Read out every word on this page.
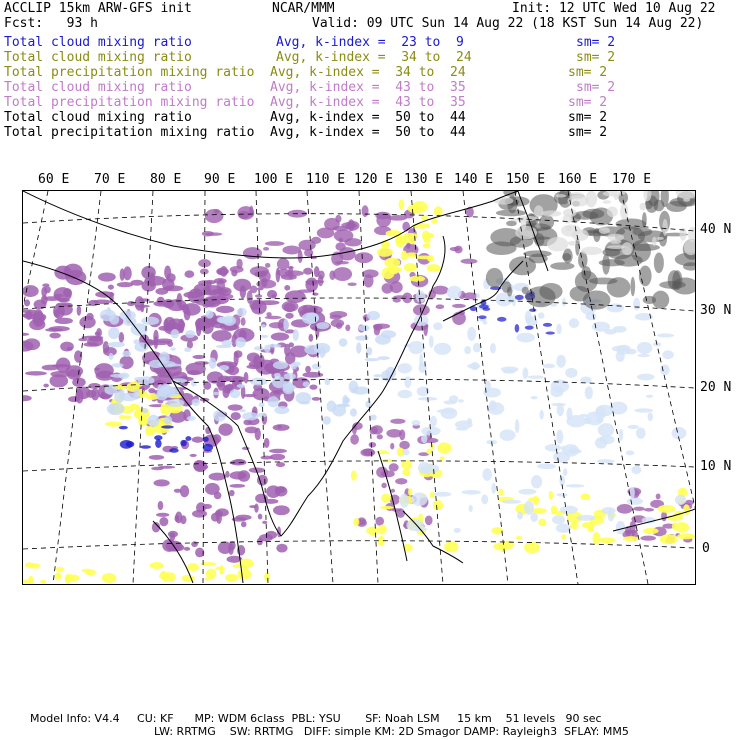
ACCLIP 15km ARW-GFS init	NCAR/MMM	Init: 12 UTC Wed 10 Aug 22
Fcst:   93 h	Valid: 09 UTC Sun 14 Aug 22 (18 KST Sun 14 Aug 22)
Total cloud mixing ratio	Avg, k-index =  23 to  9	sm= 2
Total cloud mixing ratio	Avg, k-index =  34 to  24	sm= 2
Total precipitation mixing ratio Avg, k-index =  34 to  24	sm= 2
Total cloud mixing ratio	Avg, k-index =  43 to  35	sm= 2
Total precipitation mixing ratio Avg, k-index =  43 to  35	sm= 2
Total cloud mixing ratio	Avg, k-index =  50 to  44	sm= 2
Total precipitation mixing ratio Avg, k-index =  50 to  44	sm= 2
60 E 70 E 80 E 90 E 100 E 110 E 120 E 130 E 140 E 150 E 160 E 170 E
40 N
30 N
20 N
10 N
0
Model Info: V4.4     CU: KF      MP: WDM 6class  PBL: YSU       SF: Noah LSM     15 km    51 levels   90 sec
LW: RRTMG    SW: RRTMG   DIFF: simple KM: 2D Smagor DAMP: Rayleigh3  SFLAY: MM5
